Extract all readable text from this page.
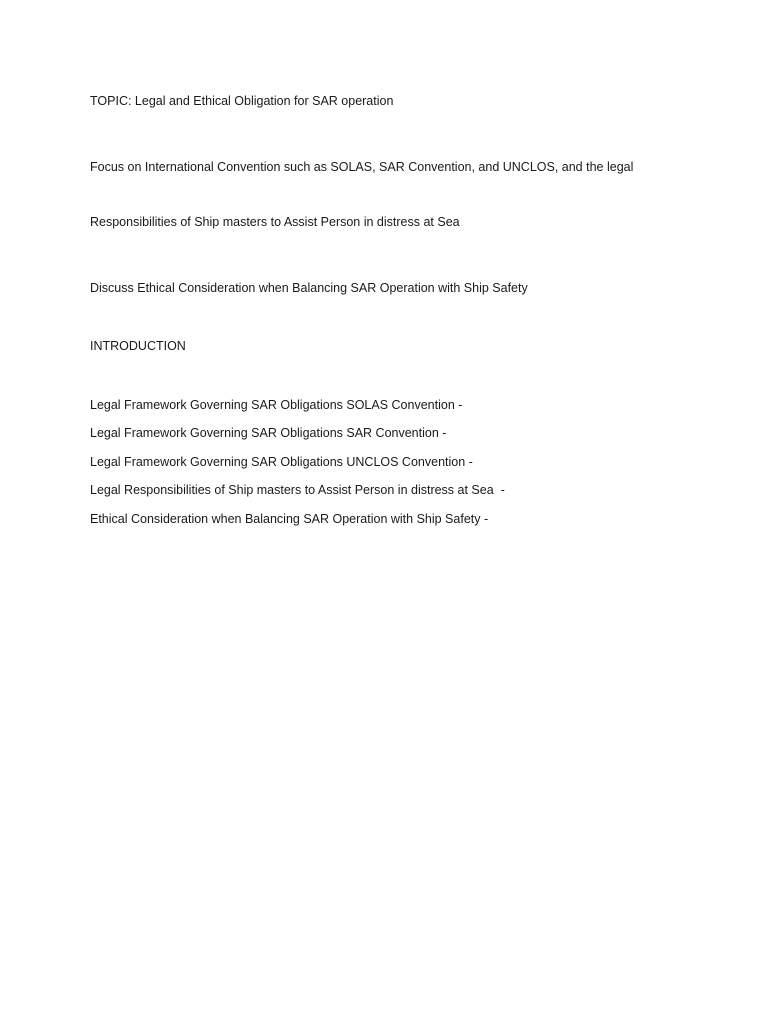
TOPIC: Legal and Ethical Obligation for SAR operation

Focus on International Convention such as SOLAS, SAR Convention, and UNCLOS, and the legal

Responsibilities of Ship masters to Assist Person in distress at Sea

Discuss Ethical Consideration when Balancing SAR Operation with Ship Safety

INTRODUCTION

Legal Framework Governing SAR Obligations SOLAS Convention -

Legal Framework Governing SAR Obligations SAR Convention -

Legal Framework Governing SAR Obligations UNCLOS Convention -

Legal Responsibilities of Ship masters to Assist Person in distress at Sea  -

Ethical Consideration when Balancing SAR Operation with Ship Safety -
